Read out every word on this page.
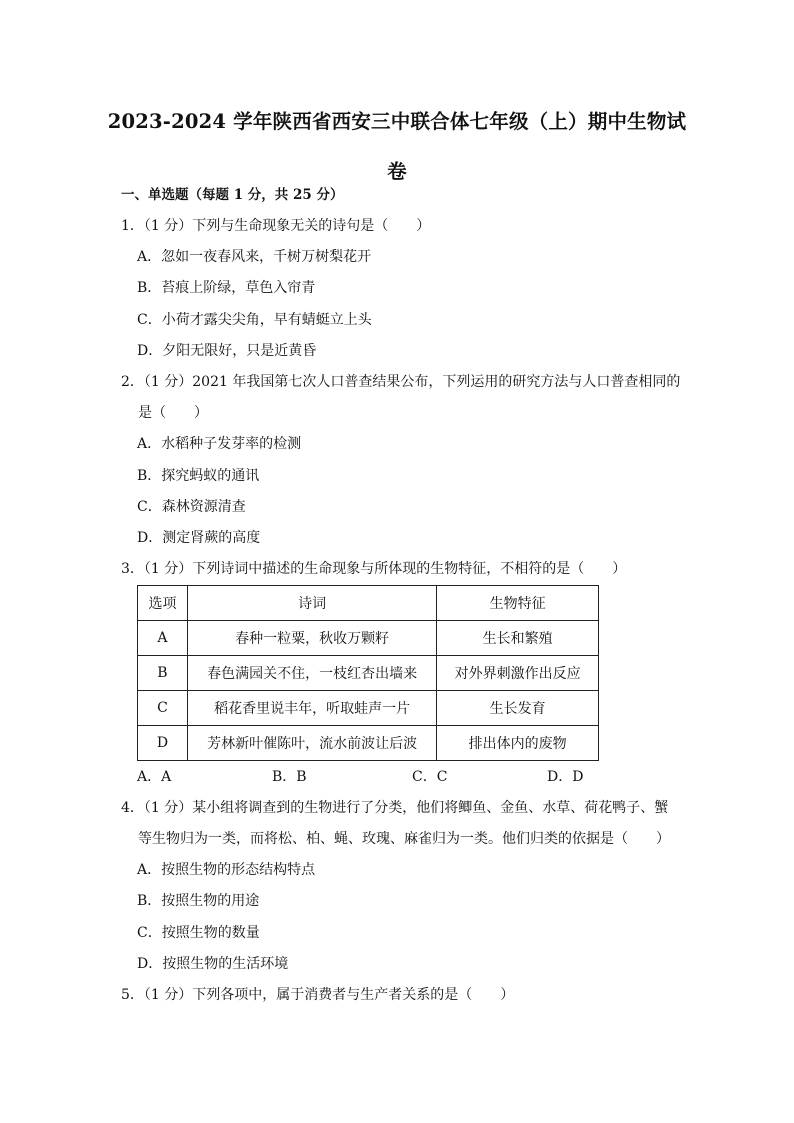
2023-2024 学年陕西省西安三中联合体七年级（上）期中生物试
卷
一、单选题（每题 1 分，共 25 分）
1．（1 分）下列与生命现象无关的诗句是（　　）
A．忽如一夜春风来，千树万树梨花开
B．苔痕上阶绿，草色入帘青
C．小荷才露尖尖角，早有蜻蜓立上头
D．夕阳无限好，只是近黄昏
2．（1 分）2021 年我国第七次人口普查结果公布，下列运用的研究方法与人口普查相同的
是（　　）
A．水稻种子发芽率的检测
B．探究蚂蚁的通讯
C．森林资源清查
D．测定肾蕨的高度
3．（1 分）下列诗词中描述的生命现象与所体现的生物特征，不相符的是（　　）
选项	诗词	生物特征
A	春种一粒粟，秋收万颗籽	生长和繁殖
B	春色满园关不住，一枝红杏出墙来	对外界刺激作出反应
C	稻花香里说丰年，听取蛙声一片	生长发育
D	芳林新叶催陈叶，流水前波让后波	排出体内的废物
A．A	B．B	C．C	D．D
4．（1 分）某小组将调查到的生物进行了分类，他们将鲫鱼、金鱼、水草、荷花鸭子、蟹
等生物归为一类，而将松、柏、蝇、玫瑰、麻雀归为一类。他们归类的依据是（　　）
A．按照生物的形态结构特点
B．按照生物的用途
C．按照生物的数量
D．按照生物的生活环境
5．（1 分）下列各项中，属于消费者与生产者关系的是（　　）
